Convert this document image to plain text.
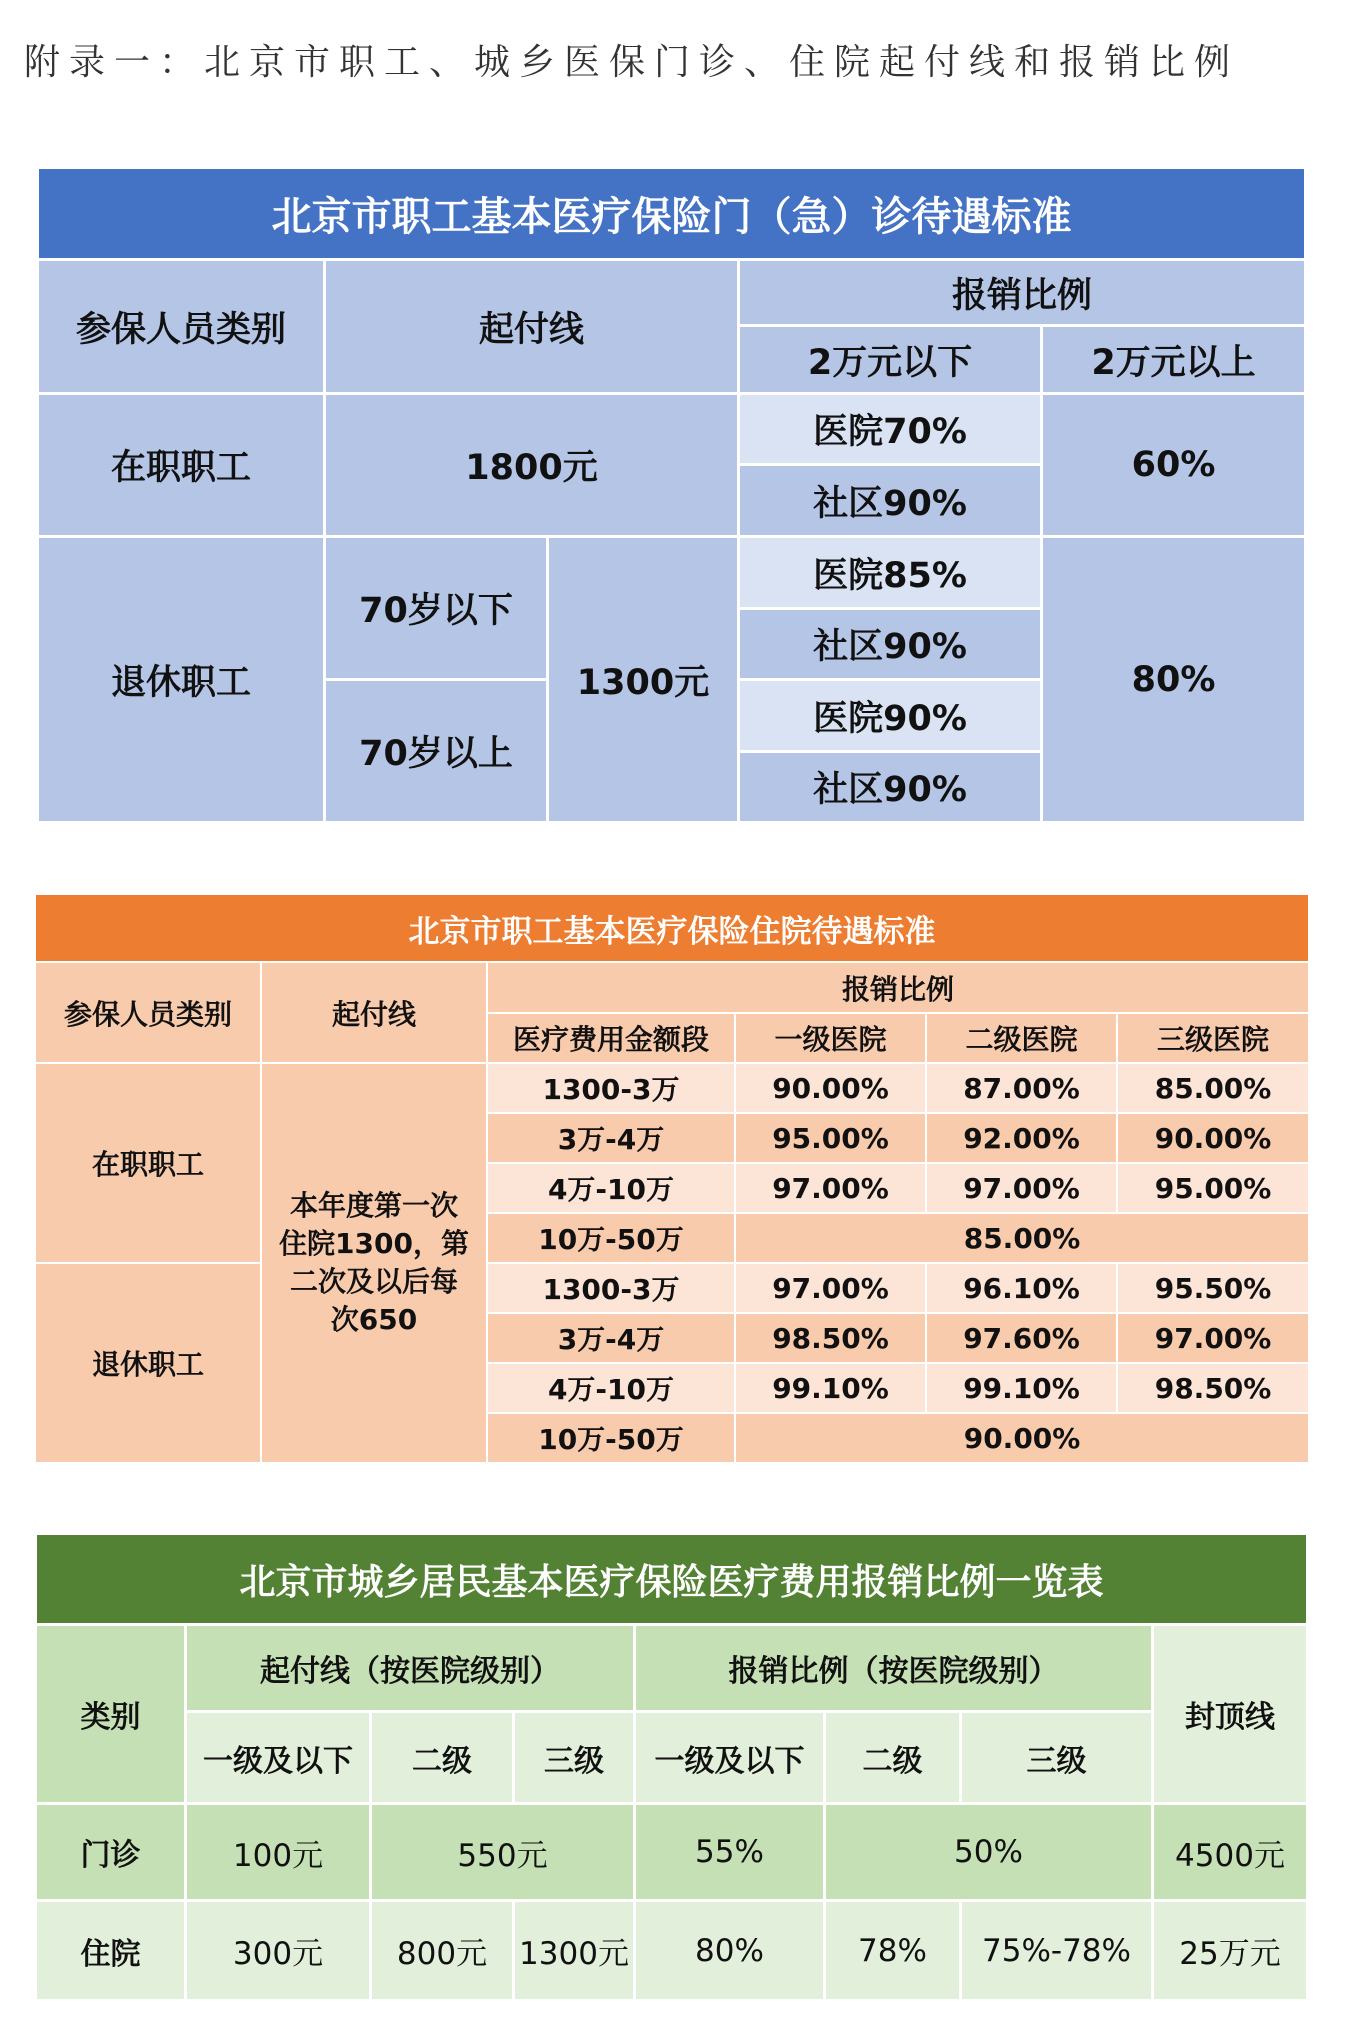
附录一：北京市职工、城乡医保门诊、住院起付线和报销比例
北京市职工基本医疗保险门（急）诊待遇标准				
参保人员类别	起付线		报销比例	
			2万元以下	2万元以上
在职职工	1800元		医院70%	60%
			社区90%	
退休职工	70岁以下	1300元	医院85%	80%
			社区90%	
	70岁以上		医院90%	
			社区90%	
北京市职工基本医疗保险住院待遇标准					
参保人员类别	起付线	报销比例			
		医疗费用金额段	一级医院	二级医院	三级医院
在职职工	本年度第一次住院1300，第二次及以后每次650	1300-3万	90.00%	87.00%	85.00%
		3万-4万	95.00%	92.00%	90.00%
		4万-10万	97.00%	97.00%	95.00%
		10万-50万	85.00%		
退休职工		1300-3万	97.00%	96.10%	95.50%
		3万-4万	98.50%	97.60%	97.00%
		4万-10万	99.10%	99.10%	98.50%
		10万-50万	90.00%		
北京市城乡居民基本医疗保险医疗费用报销比例一览表							
类别	起付线（按医院级别）			报销比例（按医院级别）			封顶线
	一级及以下	二级	三级	一级及以下	二级	三级	
门诊	100元	550元		55%	50%		4500元
住院	300元	800元	1300元	80%	78%	75%-78%	25万元
